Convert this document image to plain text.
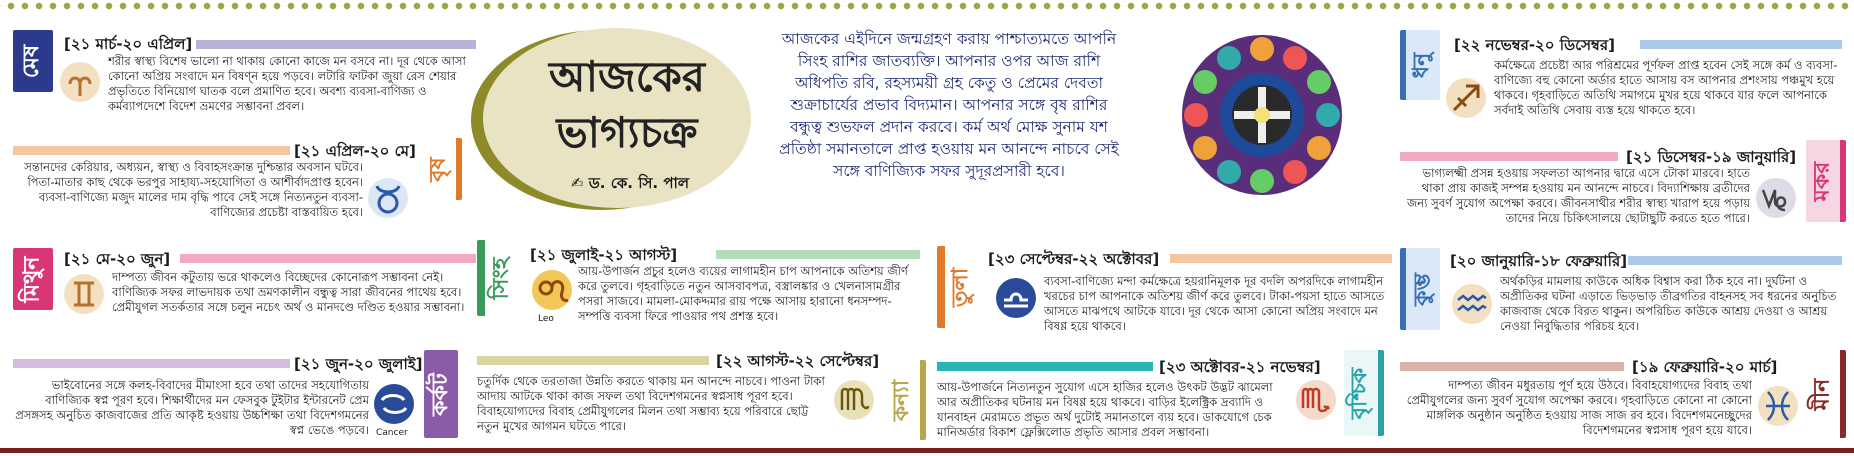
আজকের
ভাগ্যচক্র
✍ ড. কে. সি. পাল
আজকের এইদিনে জন্মগ্রহণ করায় পাশ্চাত্যমতে আপনি সিংহ রাশির জাতব্যক্তি। আপনার ওপর আজ রাশি অধিপতি রবি, রহস্যময়ী গ্রহ কেতু ও প্রেমের দেবতা শুক্রাচার্যের প্রভাব বিদ্যমান। আপনার সঙ্গে বৃষ রাশির বন্ধুত্ব শুভফল প্রদান করবে। কর্ম অর্থ মোক্ষ সুনাম যশ প্রতিষ্ঠা সমানতালে প্রাপ্ত হওয়ায় মন আনন্দে নাচবে সেই সঙ্গে বাণিজ্যিক সফর সুদূরপ্রসারী হবে।
মেষ
[২১ মার্চ-২০ এপ্রিল]
শরীর স্বাস্থ্য বিশেষ ভালো না থাকায় কোনো কাজে মন বসবে না। দূর থেকে আসা কোনো অপ্রিয় সংবাদে মন বিষণ্ন হয়ে পড়বে। লটারি ফাটকা জুয়া রেস শেয়ার প্রভৃতিতে বিনিয়োগ ঘাতক বলে প্রমাণিত হবে। অবশ্য ব্যবসা-বাণিজ্য ও কর্মব্যাপদেশে বিদেশ ভ্রমণের সম্ভাবনা প্রবল।
[২১ এপ্রিল-২০ মে]
বৃষ
সন্তানদের কেরিয়ার, অধ্যয়ন, স্বাস্থ্য ও বিবাহসংক্রান্ত দুশ্চিন্তার অবসান ঘটবে। পিতা-মাতার কাছ থেকে ভরপুর সাহায্য-সহযোগিতা ও আশীর্বাদপ্রাপ্ত হবেন। ব্যবসা-বাণিজ্যে মজুদ মালের দাম বৃদ্ধি পাবে সেই সঙ্গে নিত্যনতুন ব্যবসা-বাণিজ্যের প্রচেষ্টা বাস্তবায়িত হবে।
মিথুন	[২১ মে-২০ জুন]
দাম্পত্য জীবন কটুতায় ভরে থাকলেও বিচ্ছেদের কোনোরূপ সম্ভাবনা নেই। বাণিজ্যিক সফর লাভদায়ক তথা ভ্রমণকালীন বন্ধুত্ব সারা জীবনের পাথেয় হবে। প্রেমীযুগল সতর্কতার সঙ্গে চলুন নচেৎ অর্থ ও মানদণ্ডে দণ্ডিত হওয়ার সম্ভাবনা।
[২১ জুন-২০ জুলাই]
কর্কট
Cancer
ভাইবোনের সঙ্গে কলহ-বিবাদের মীমাংসা হবে তথা তাদের সহযোগিতায় বাণিজ্যিক স্বপ্ন পূরণ হবে। শিক্ষার্থীদের মন ফেসবুক টুইটার ইন্টারনেট প্রেম প্রসঙ্গসহ অনুচিত কাজবাজের প্রতি আকৃষ্ট হওয়ায় উচ্চশিক্ষা তথা বিদেশগমনের স্বপ্ন ভেঙে পড়বে।
সিংহ
[২১ জুলাই-২১ আগস্ট]
Leo
আয়-উপার্জন প্রচুর হলেও ব্যয়ের লাগামহীন চাপ আপনাকে অতিশয় জীর্ণ করে তুলবে। গৃহবাড়িতে নতুন আসবাবপত্র, বস্ত্রালঙ্কার ও খেলনাসামগ্রীর পসরা সাজবে। মামলা-মোকদ্দমার রায় পক্ষে আসায় হারানো ধনসম্পদ-সম্পত্তি ব্যবসা ফিরে পাওয়ার পথ প্রশস্ত হবে।
[২২ আগস্ট-২২ সেপ্টেম্বর]
কন্যা
চতুর্দিক থেকে তরতাজা উন্নতি করতে থাকায় মন আনন্দে নাচবে। পাওনা টাকা আদায় আটকে থাকা কাজ সফল তথা বিদেশগমনের স্বপ্নসাধ পূরণ হবে। বিবাহযোগ্যদের বিবাহ প্রেমীযুগলের মিলন তথা সম্ভাব্য হয়ে পরিবারে ছোট্ট নতুন মুখের আগমন ঘটতে পারে।
তুলা
[২৩ সেপ্টেম্বর-২২ অক্টোবর]
ব্যবসা-বাণিজ্যে মন্দা কর্মক্ষেত্রে হয়রানিমূলক দূর বদলি অপরদিকে লাগামহীন খরচের চাপ আপনাকে অতিশয় জীর্ণ করে তুলবে। টাকা-পয়সা হাতে আসতে আসতে মাঝপথে আটকে যাবে। দূর থেকে আসা কোনো অপ্রিয় সংবাদে মন বিষণ্ণ হয়ে থাকবে।
[২৩ অক্টোবর-২১ নভেম্বর]
বৃশ্চিক
আয়-উপার্জনে নিত্যনতুন সুযোগ এসে হাজির হলেও উৎকট উদ্ভট ঝামেলা আর অপ্রীতিকর ঘটনায় মন বিষণ্ণ হয়ে থাকবে। বাড়ির ইলেক্ট্রিক দ্রব্যাদি ও যানবাহন মেরামতে প্রভূত অর্থ দুটোই সমানতালে ব্যয় হবে। ডাকযোগে চেক মানিঅর্ডার বিকাশ ফ্লেক্সিলোড প্রভৃতি আসার প্রবল সম্ভাবনা।
ধনু
[২২ নভেম্বর-২০ ডিসেম্বর]
কর্মক্ষেত্রে প্রচেষ্টা আর পরিশ্রমের পূর্ণফল প্রাপ্ত হবেন সেই সঙ্গে কর্ম ও ব্যবসা-বাণিজ্যে বহু কোনো অর্ডার হাতে আসায় বস আপনার প্রশংসায় পঞ্চমুখ হয়ে থাকবে। গৃহবাড়িতে অতিথি সমাগমে মুখর হয়ে থাকবে যার ফলে আপনাকে সর্বদাই অতিথি সেবায় ব্যস্ত হয়ে থাকতে হবে।
[২১ ডিসেম্বর-১৯ জানুয়ারি]
মকর
ভাগ্যলক্ষ্মী প্রসন্ন হওয়ায় সফলতা আপনার দ্বারে এসে টোকা মারবে। হাতে থাকা প্রায় কাজই সম্পন্ন হওয়ায় মন আনন্দে নাচবে। বিদ্যাশিক্ষায় ব্রতীদের জন্য সুবর্ণ সুযোগ অপেক্ষা করবে। জীবনসাথীর শরীর স্বাস্থ্য খারাপ হয়ে পড়ায় তাদের নিয়ে চিকিৎসালয়ে ছোটাছুটি করতে হতে পারে।
কুম্ভ
[২০ জানুয়ারি-১৮ ফেব্রুয়ারি]
অর্থকড়ির মামলায় কাউকে অধিক বিশ্বাস করা ঠিক হবে না। দুর্ঘটনা ও অপ্রীতিকর ঘটনা এড়াতে ভিড়ভাড় তীব্রগতির বাহনসহ সব ধরনের অনুচিত কাজবাজ থেকে বিরত থাকুন। অপরিচিত কাউকে আশ্রয় দেওয়া ও আশ্রয় নেওয়া নিবুদ্ধিতার পরিচয় হবে।
[১৯ ফেব্রুয়ারি-২০ মার্চ]
মীন
দাম্পত্য জীবন মধুরতায় পূর্ণ হয়ে উঠবে। বিবাহযোগ্যদের বিবাহ তথা প্রেমীযুগলের জন্য সুবর্ণ সুযোগ অপেক্ষা করবে। গৃহবাড়িতে কোনো না কোনো মাঙ্গলিক অনুষ্ঠান অনুষ্ঠিত হওয়ায় সাজ সাজ রব হবে। বিদেশগমনেচ্ছুদের বিদেশগমনের স্বপ্নসাধ পূরণ হয়ে যাবে।
